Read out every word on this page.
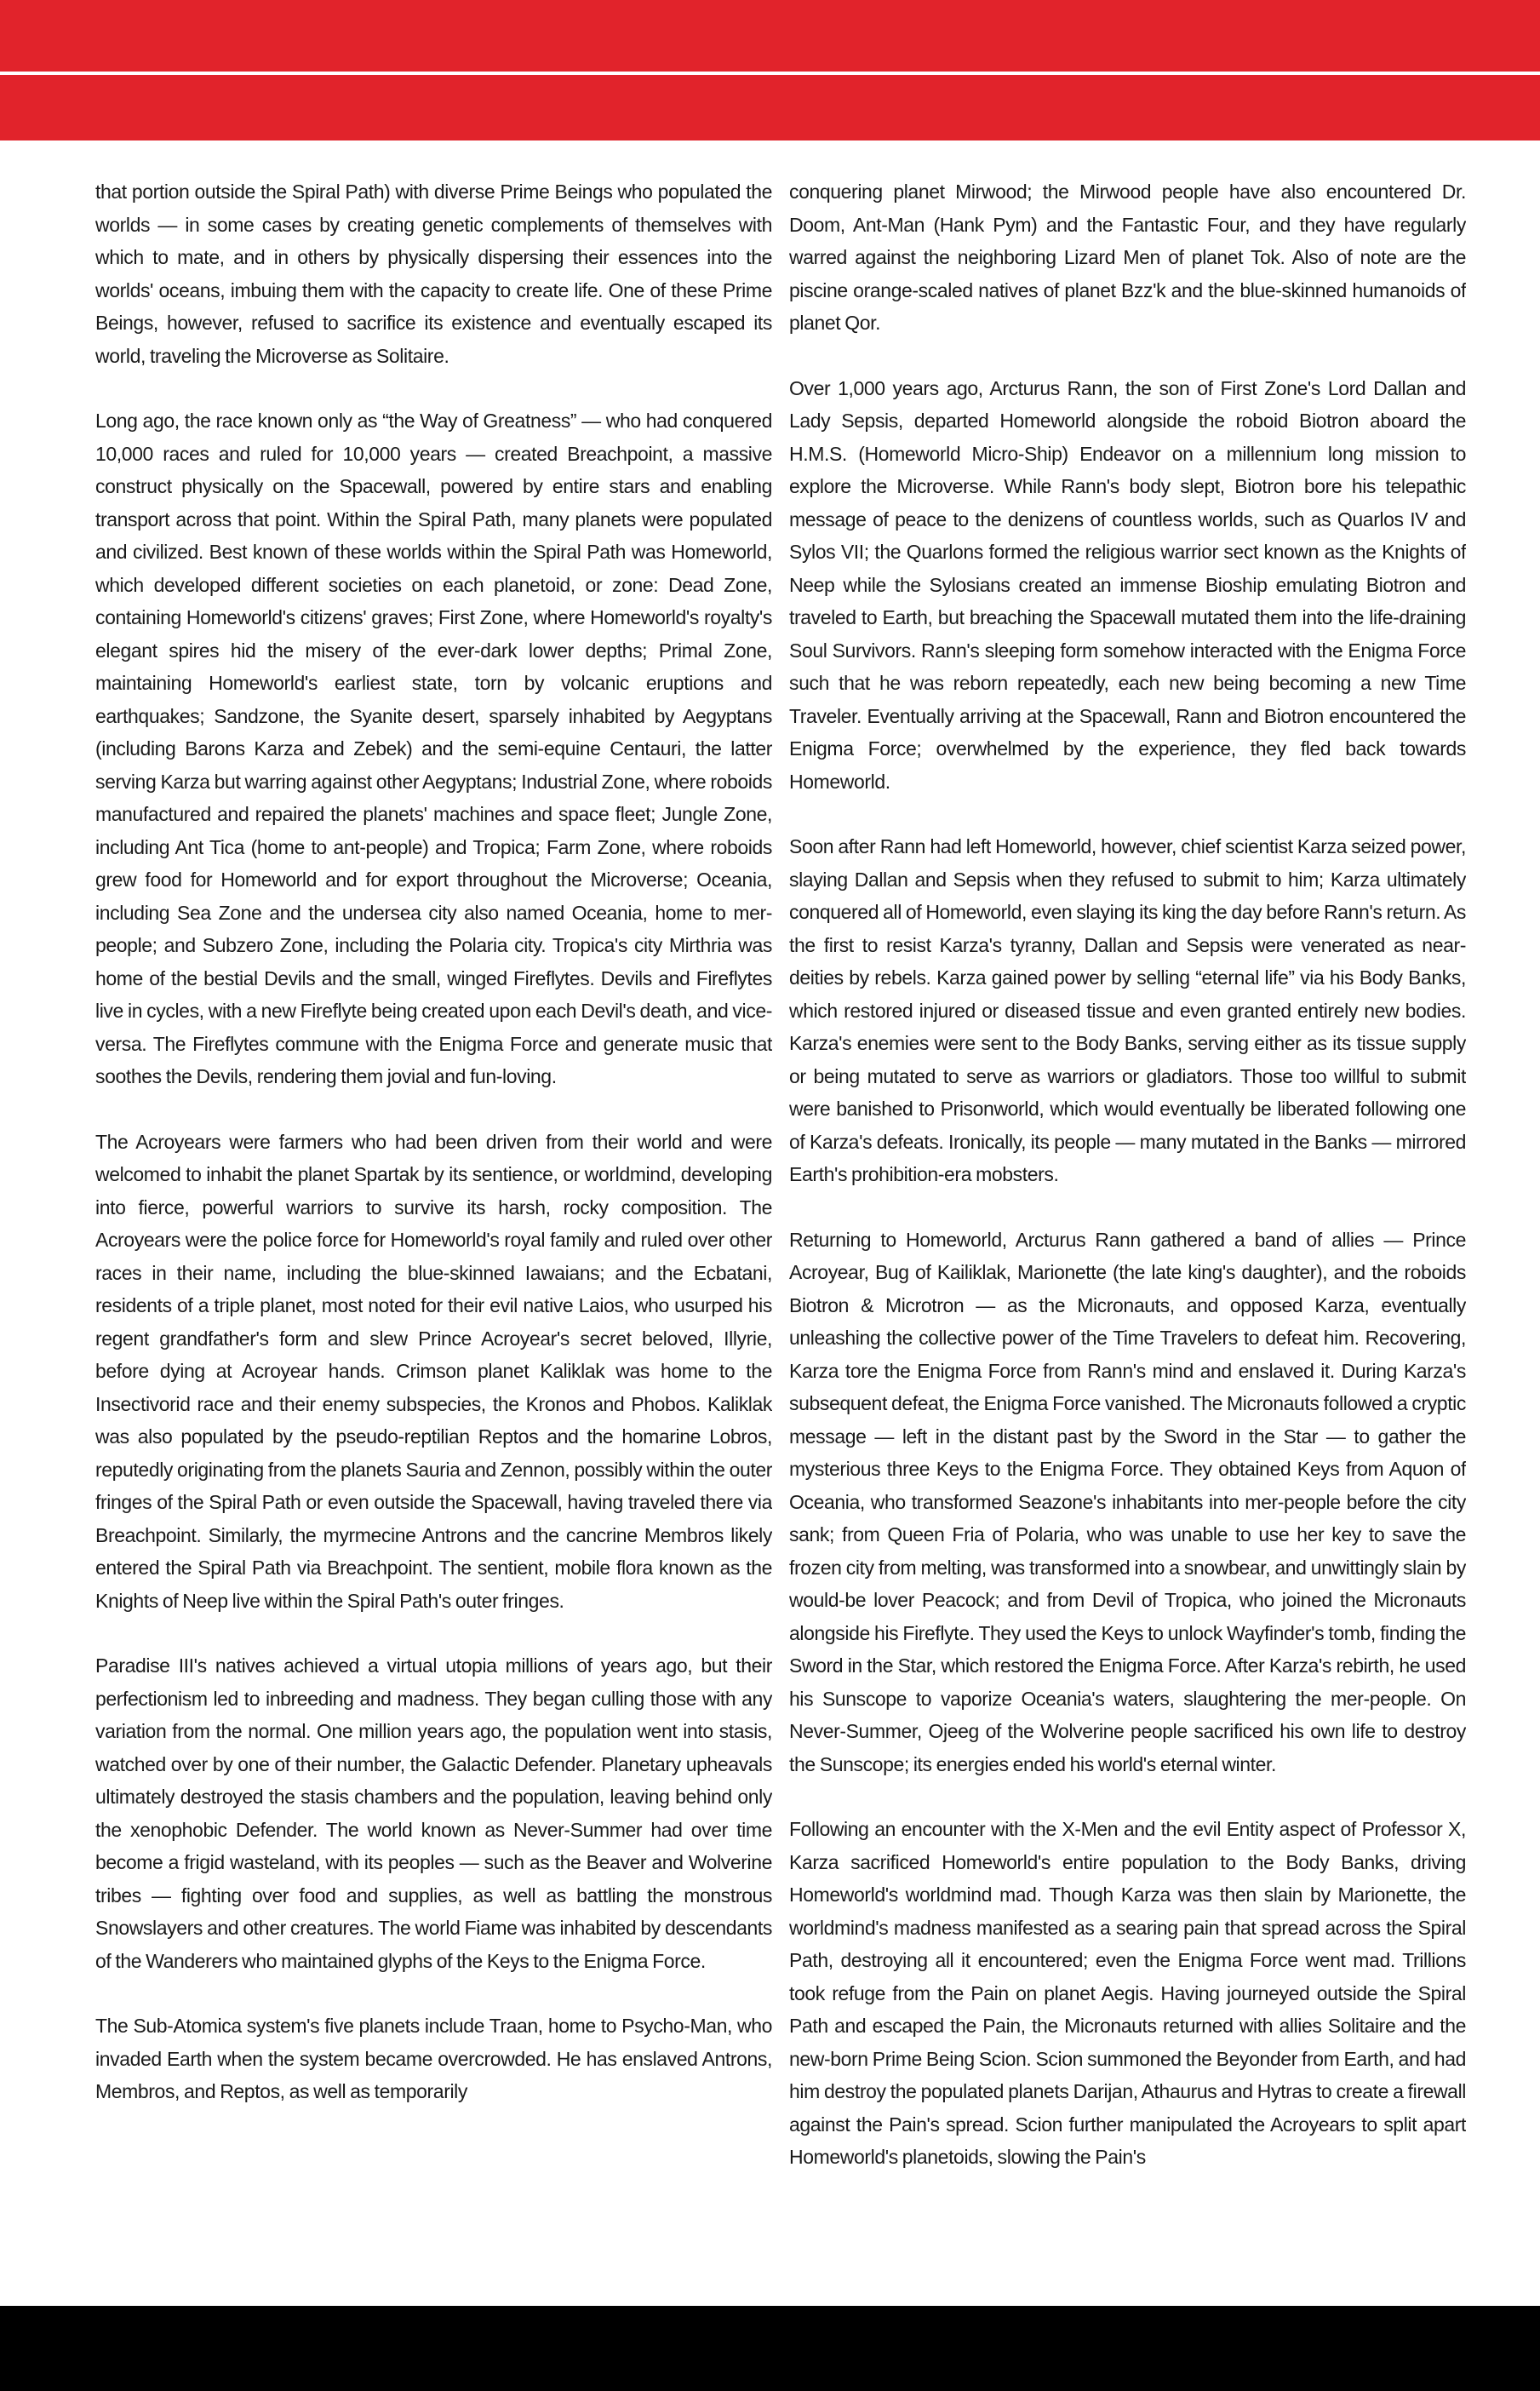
that portion outside the Spiral Path) with diverse Prime Beings who populated the worlds — in some cases by creating genetic complements of themselves with which to mate, and in others by physically dispersing their essences into the worlds' oceans, imbuing them with the capacity to create life. One of these Prime Beings, however, refused to sacrifice its existence and eventually escaped its world, traveling the Microverse as Solitaire.

Long ago, the race known only as “the Way of Greatness” — who had conquered 10,000 races and ruled for 10,000 years — created Breachpoint, a massive construct physically on the Spacewall, powered by entire stars and enabling transport across that point. Within the Spiral Path, many planets were populated and civilized. Best known of these worlds within the Spiral Path was Homeworld, which developed different societies on each planetoid, or zone: Dead Zone, containing Homeworld's citizens' graves; First Zone, where Homeworld's royalty's elegant spires hid the misery of the ever-dark lower depths; Primal Zone, maintaining Homeworld's earliest state, torn by volcanic eruptions and earthquakes; Sandzone, the Syanite desert, sparsely inhabited by Aegyptans (including Barons Karza and Zebek) and the semi-equine Centauri, the latter serving Karza but warring against other Aegyptans; Industrial Zone, where roboids manufactured and repaired the planets' machines and space fleet; Jungle Zone, including Ant Tica (home to ant-people) and Tropica; Farm Zone, where roboids grew food for Homeworld and for export throughout the Microverse; Oceania, including Sea Zone and the undersea city also named Oceania, home to mer-people; and Subzero Zone, including the Polaria city. Tropica's city Mirthria was home of the bestial Devils and the small, winged Fireflytes. Devils and Fireflytes live in cycles, with a new Fireflyte being created upon each Devil's death, and vice-versa. The Fireflytes commune with the Enigma Force and generate music that soothes the Devils, rendering them jovial and fun-loving.

The Acroyears were farmers who had been driven from their world and were welcomed to inhabit the planet Spartak by its sentience, or worldmind, developing into fierce, powerful warriors to survive its harsh, rocky composition. The Acroyears were the police force for Homeworld's royal family and ruled over other races in their name, including the blue-skinned Iawaians; and the Ecbatani, residents of a triple planet, most noted for their evil native Laios, who usurped his regent grandfather's form and slew Prince Acroyear's secret beloved, Illyrie, before dying at Acroyear hands. Crimson planet Kaliklak was home to the Insectivorid race and their enemy subspecies, the Kronos and Phobos. Kaliklak was also populated by the pseudo-reptilian Reptos and the homarine Lobros, reputedly originating from the planets Sauria and Zennon, possibly within the outer fringes of the Spiral Path or even outside the Spacewall, having traveled there via Breachpoint. Similarly, the myrmecine Antrons and the cancrine Membros likely entered the Spiral Path via Breachpoint. The sentient, mobile flora known as the Knights of Neep live within the Spiral Path's outer fringes.

Paradise III's natives achieved a virtual utopia millions of years ago, but their perfectionism led to inbreeding and madness. They began culling those with any variation from the normal. One million years ago, the population went into stasis, watched over by one of their number, the Galactic Defender. Planetary upheavals ultimately destroyed the stasis chambers and the population, leaving behind only the xenophobic Defender. The world known as Never-Summer had over time become a frigid wasteland, with its peoples — such as the Beaver and Wolverine tribes — fighting over food and supplies, as well as battling the monstrous Snowslayers and other creatures. The world Fiame was inhabited by descendants of the Wanderers who maintained glyphs of the Keys to the Enigma Force.

The Sub-Atomica system's five planets include Traan, home to Psycho-Man, who invaded Earth when the system became overcrowded. He has enslaved Antrons, Membros, and Reptos, as well as temporarily

conquering planet Mirwood; the Mirwood people have also encountered Dr. Doom, Ant-Man (Hank Pym) and the Fantastic Four, and they have regularly warred against the neighboring Lizard Men of planet Tok. Also of note are the piscine orange-scaled natives of planet Bzz'k and the blue-skinned humanoids of planet Qor.

Over 1,000 years ago, Arcturus Rann, the son of First Zone's Lord Dallan and Lady Sepsis, departed Homeworld alongside the roboid Biotron aboard the H.M.S. (Homeworld Micro-Ship) Endeavor on a millennium long mission to explore the Microverse. While Rann's body slept, Biotron bore his telepathic message of peace to the denizens of countless worlds, such as Quarlos IV and Sylos VII; the Quarlons formed the religious warrior sect known as the Knights of Neep while the Sylosians created an immense Bioship emulating Biotron and traveled to Earth, but breaching the Spacewall mutated them into the life-draining Soul Survivors. Rann's sleeping form somehow interacted with the Enigma Force such that he was reborn repeatedly, each new being becoming a new Time Traveler. Eventually arriving at the Spacewall, Rann and Biotron encountered the Enigma Force; overwhelmed by the experience, they fled back towards Homeworld.

Soon after Rann had left Homeworld, however, chief scientist Karza seized power, slaying Dallan and Sepsis when they refused to submit to him; Karza ultimately conquered all of Homeworld, even slaying its king the day before Rann's return. As the first to resist Karza's tyranny, Dallan and Sepsis were venerated as near-deities by rebels. Karza gained power by selling “eternal life” via his Body Banks, which restored injured or diseased tissue and even granted entirely new bodies. Karza's enemies were sent to the Body Banks, serving either as its tissue supply or being mutated to serve as warriors or gladiators. Those too willful to submit were banished to Prisonworld, which would eventually be liberated following one of Karza's defeats. Ironically, its people — many mutated in the Banks — mirrored Earth's prohibition-era mobsters.

Returning to Homeworld, Arcturus Rann gathered a band of allies — Prince Acroyear, Bug of Kailiklak, Marionette (the late king's daughter), and the roboids Biotron & Microtron — as the Micronauts, and opposed Karza, eventually unleashing the collective power of the Time Travelers to defeat him. Recovering, Karza tore the Enigma Force from Rann's mind and enslaved it. During Karza's subsequent defeat, the Enigma Force vanished. The Micronauts followed a cryptic message — left in the distant past by the Sword in the Star — to gather the mysterious three Keys to the Enigma Force. They obtained Keys from Aquon of Oceania, who transformed Seazone's inhabitants into mer-people before the city sank; from Queen Fria of Polaria, who was unable to use her key to save the frozen city from melting, was transformed into a snowbear, and unwittingly slain by would-be lover Peacock; and from Devil of Tropica, who joined the Micronauts alongside his Fireflyte. They used the Keys to unlock Wayfinder's tomb, finding the Sword in the Star, which restored the Enigma Force. After Karza's rebirth, he used his Sunscope to vaporize Oceania's waters, slaughtering the mer-people. On Never-Summer, Ojeeg of the Wolverine people sacrificed his own life to destroy the Sunscope; its energies ended his world's eternal winter.

Following an encounter with the X-Men and the evil Entity aspect of Professor X, Karza sacrificed Homeworld's entire population to the Body Banks, driving Homeworld's worldmind mad. Though Karza was then slain by Marionette, the worldmind's madness manifested as a searing pain that spread across the Spiral Path, destroying all it encountered; even the Enigma Force went mad. Trillions took refuge from the Pain on planet Aegis. Having journeyed outside the Spiral Path and escaped the Pain, the Micronauts returned with allies Solitaire and the new-born Prime Being Scion. Scion summoned the Beyonder from Earth, and had him destroy the populated planets Darijan, Athaurus and Hytras to create a firewall against the Pain's spread. Scion further manipulated the Acroyears to split apart Homeworld's planetoids, slowing the Pain's
